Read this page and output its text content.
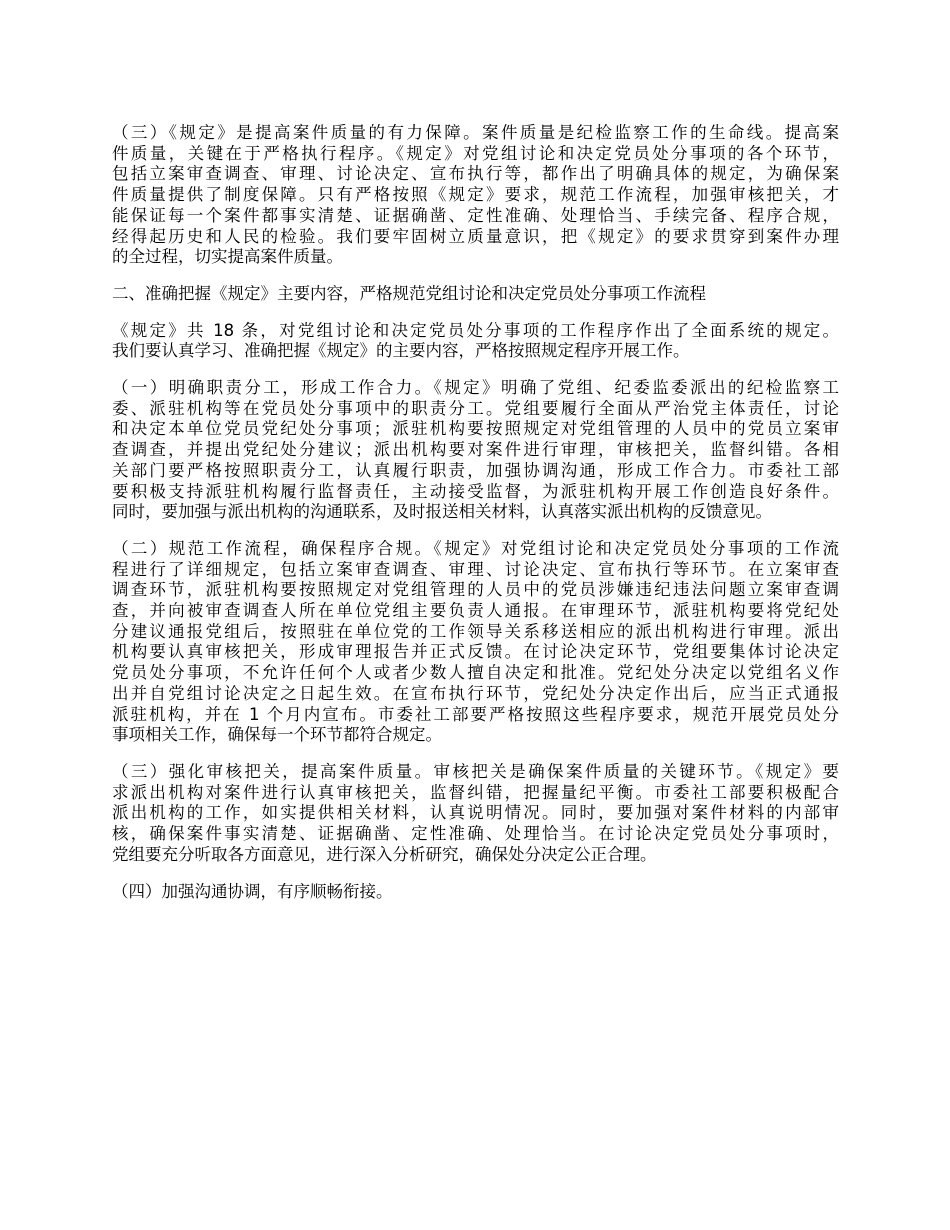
（三）《规定》是提高案件质量的有力保障。案件质量是纪检监察工作的生命线。提高案
件质量，关键在于严格执行程序。《规定》对党组讨论和决定党员处分事项的各个环节，
包括立案审查调查、审理、讨论决定、宣布执行等，都作出了明确具体的规定，为确保案
件质量提供了制度保障。只有严格按照《规定》要求，规范工作流程，加强审核把关，才
能保证每一个案件都事实清楚、证据确凿、定性准确、处理恰当、手续完备、程序合规，
经得起历史和人民的检验。我们要牢固树立质量意识，把《规定》的要求贯穿到案件办理
的全过程，切实提高案件质量。

二、准确把握《规定》主要内容，严格规范党组讨论和决定党员处分事项工作流程

《规定》共 18 条，对党组讨论和决定党员处分事项的工作程序作出了全面系统的规定。
我们要认真学习、准确把握《规定》的主要内容，严格按照规定程序开展工作。

（一）明确职责分工，形成工作合力。《规定》明确了党组、纪委监委派出的纪检监察工
委、派驻机构等在党员处分事项中的职责分工。党组要履行全面从严治党主体责任，讨论
和决定本单位党员党纪处分事项；派驻机构要按照规定对党组管理的人员中的党员立案审
查调查，并提出党纪处分建议；派出机构要对案件进行审理，审核把关，监督纠错。各相
关部门要严格按照职责分工，认真履行职责，加强协调沟通，形成工作合力。市委社工部
要积极支持派驻机构履行监督责任，主动接受监督，为派驻机构开展工作创造良好条件。
同时，要加强与派出机构的沟通联系，及时报送相关材料，认真落实派出机构的反馈意见。

（二）规范工作流程，确保程序合规。《规定》对党组讨论和决定党员处分事项的工作流
程进行了详细规定，包括立案审查调查、审理、讨论决定、宣布执行等环节。在立案审查
调查环节，派驻机构要按照规定对党组管理的人员中的党员涉嫌违纪违法问题立案审查调
查，并向被审查调查人所在单位党组主要负责人通报。在审理环节，派驻机构要将党纪处
分建议通报党组后，按照驻在单位党的工作领导关系移送相应的派出机构进行审理。派出
机构要认真审核把关，形成审理报告并正式反馈。在讨论决定环节，党组要集体讨论决定
党员处分事项，不允许任何个人或者少数人擅自决定和批准。党纪处分决定以党组名义作
出并自党组讨论决定之日起生效。在宣布执行环节，党纪处分决定作出后，应当正式通报
派驻机构，并在 1 个月内宣布。市委社工部要严格按照这些程序要求，规范开展党员处分
事项相关工作，确保每一个环节都符合规定。

（三）强化审核把关，提高案件质量。审核把关是确保案件质量的关键环节。《规定》要
求派出机构对案件进行认真审核把关，监督纠错，把握量纪平衡。市委社工部要积极配合
派出机构的工作，如实提供相关材料，认真说明情况。同时，要加强对案件材料的内部审
核，确保案件事实清楚、证据确凿、定性准确、处理恰当。在讨论决定党员处分事项时，
党组要充分听取各方面意见，进行深入分析研究，确保处分决定公正合理。

（四）加强沟通协调，有序顺畅衔接。
